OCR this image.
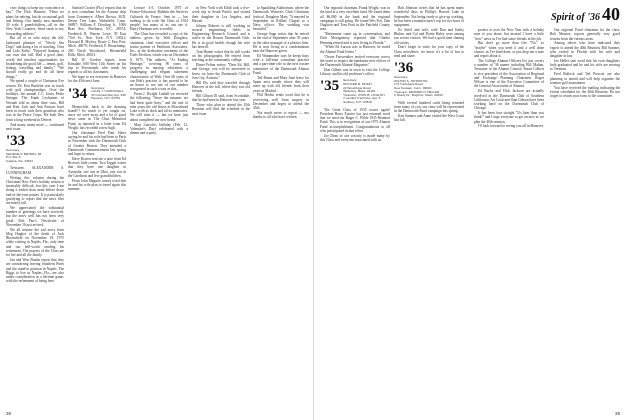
civic things to keep my conscience at bay." The Dick Hausers: "Have no plans for retiring, but do occasional golf and fishing. Our family now numbers 30 with 6 grandchildren—all in the New York Counties. Send cards to my forwarding address."

But all of us who enjoy the old-fashioned pleasure of "Newly Sea Dogs" and doing a lot of trawling. Own and Lida Kirby: "Enjoyed hunting of our own this fall. Had a good time; world feel timeless opportunities for broadening the good life — tennis, golf, fishing, travelling and family." "We should really go and do all these things."

We spend a couple of Christmas Eve season. Dr. Ken Burdette was in touch with golf championships. Over the holidays, the annual C.C. Jones Pedro Stringer. The Frank Leyburnes of Neenah told us about their sons, Bill and Kim. Jack and Ann Parsons have been in touch with their grandson who was in the Peace Corps. We both flew from a long weekend in Denver.

And many, many more — continued next issue.

'33 Secretary,
GEORGE P. BROWN, JR.
P.O. Box 5
Captiva, Fla. 33924

Treasurer, ALEXANDER S. CUNNINGHAM

Writing this column during the Christmas-New Year's holiday season is invariably difficult, but this year I am doing it earlier than usual before those end-of-the-year parties. It is particularly gratifying to report that the news files are nearly full.

We appreciated the substantial number of greetings we have received, but the news well has not been very good. Bob Parr's Newsletter of November 16 just arrived.

We all resume the sad news from Meg Hughes of the death of Jack Bloomfield on November 18, 1975 while visiting in Naples, Fla., only time and our bell-worth sending his retirement. The prayers of the Class are for her and all the family.

Jan and Won Boutin report that they are considering leaving Southern Pines and the stand-in position in Naples. The Biggs to live in Naples, Fla., are also under consideration as a lifetime game, with the refinement of being here.

Sanford Crosier (Fla.) reports that he is now consultant for the Armour ship from Commerce. Albert Brown, M.D. Desert Tree Lane, Wakefield, Conn. 06897; William F. Dowling Jr., 1006 Brae Ave., Pinehurst, N.C. 28374; Frederick R. Warren Lowe, 59 East 73rd St., New York, N.Y. 10021; Howard B. Mickey, Route 2, Paw Paw, Mich. 49079; Frederick P. Beauchamp, 200 North Woodward, Bloomfield Hills, Mich. 48013.

Bill W. Gordon reports from Kinsdale, 600 West 11th Street on his trip to Portsmouth, who sends his regards to all his classmates.

We hope to see everyone in Hanover for the 45th next June.

'34 Secretary,
LOUIS J. CORDOVELL
33 Colonial Way Apt. 308
Hanover, N.H. 03755

Meanwhile, back to the drawing board!!! So much is yet caught on, since we were away and a lot of good news came in. The Class Memorial Fund, as reported in a letter from Ed Wright, has recorded a new high.

Our classmate Fred Paul Slater saying he and his wife had been to Paris in November with the Dartmouth Club of Greater Boston. They attended a Dartmouth Commencement last spring and hope to return.

Dave Bowen sent me a note from Ed Brown's little corner. Two Tagget writes that they have one daughter in Australia, one son in Ohio, one son in the Carolinas and five grandchildren.

From John Maguire comes word that he and his wife plan to travel again this summer.

Lecture 4-5, October, 1975 of France-Education. Bulletin des Services Culturels de France. Sent in — has nothing to do with 'the Class of 1934 people', but many of us can use it. Harry Hartman sees it weekly.

The Class has recorded a copy of the address given by Walt Douglass, chairman, chief executive officer and senior partner of Parkhurst Associates, Inc., at the dedication ceremony of the Fales Pavilion, which was on December 8, 1975. The address, "At Ending Heritage," covering 90 years of progress in nursing education, a challenging and elegant statement characteristic of Walt. Over 60 years of our Bob's practice, it has proved to be an honor to see one of our number recognized in such a way as this.

From J. Dwight Lindall we received the following: "Since the summer, we had been quite busy," and the end of nine years the old house at Moosehead Lake with its dock and all its memories. We will miss it — but we have just about completed our new home.

Marj Lincoln's birthday (Feb. 12, Valentine's Day) celebrated with a dinner and a party.

in New York with Edith took a five-week trip to South Pacific and visited their daughter in Los Angeles, and Hawaii.

Johnny Roberts is still working in several engineering fields in Engineering Research Council and is active in the Boston Dartmouth Club. He is in good health, though his wife has been ill.

Tom Hunter writes that he still works on his photography. He retired from teaching at the community college.

Elmer Felton writes: "Dear Ed, Bill, and George, you will be interested to know we have the Dartmouth Club of Sun City, Arizona."

Bill Ely said they traveled through Hanover in the fall, where they saw old friends.

Bill Gibson Ill said, from Scottsdale, that he had been in Hanover last year.

Those who plan to attend the 45th Reunion will find the schedule in the next issue.

to Spaulding Auditorium, where the Dartmouth Women's Club Christmas festival. Daughter Mary "It married in September in Rollins Chapel to a Navy officer. The wedding was beautiful."

George Sapp writes that he retired in the end of September after 35 years as the sales manager of a plastics firm. He is now living in a condominium near the Hanover green.

Ed Wanamaker says he keeps busy with a full-time consultant practice and a part-time role in the new trustee committee of the Dartmouth Alumni Fund.

Ted Braun and Mary Jane leave for Spain next month where they will meet up with old friends from their years in Madrid.

Phil Herbst sends word that he is recovering well from surgery in December and hopes to attend the 45th.

Not much more to report — my thanks to all who have written.

38
Spirit of '36 40

Our regional chairman, Frank Wright, was in the fund at a very excellent fund. He found them all $6,000 in the bank and the regional campaign is still going. He found Wes Fox, Dan Oughton and Tom Pratt in the Fairfield County area.

"Retirement came up in conversation, and Dick Montgomery reported that Charlie Henning retired and is now living in Florida."

"When Ed Larson was in Hanover, he noted the Alumni Fund letters."

"Orson Fairweather invited everyone across the street to inspect the handsome new offices of the Dartmouth Alumni Magazine."

Don Gilbert was in town to visit the College Library, and his old professor's office.

'35 Secretary,
RICHARD B. MUZZY
22 Woodridge Road
Wellesley, Mass. 02181
Treasurer, JOHN B. LOVEJOY
7 Landed Trail Drive, Apt. 5
Sudbury, N.H. 03818

The Great Class of 1935 scores again! President Harry Eustice has just returned word that we need our Ruger C. Wilde 1935 Reunion Fund. This is in recognition of our 1975 Alumni Fund accomplishment. Congratulations to all who participated in that effort.

Joe Dean of our sorority is made many by this Class and everyone associated with us.

Bob Johnson writes that he has spent many wonderful days in Phillip's Honore Lake in September. Not being ready to give up working, he has been a manufacturer's rep for two lines of equipment.

Ev Stifel and wife, with Dan and Kathy Bluhm, and Cal and Dottie Haley were among our recent visitors. We had a good time sharing old stories.

Don't forget to write for your copy of the Class newsletter; we know it's a lot of fun to read and share.

'36 Secretary,
WILTON S. JOHNSTON
174 Turtleback Road
New Canaan, Conn. 06840
Treasurer, EDWARD N. HELLER
3 Shady Dr., Brighton, Mass. 02043

With several hundred cards being returned from many of you, our class will be represented in the Dartmouth Fund campaign this spring.

Ken Sumner and Anne visited the West Coast last fall.

protest or over the New Year with a holiday note to you alone, but instead I have a little "new" news as I've had some friends in the job.

But don't go more than five "No," so "maybe" when you need it and a well done chance, as I've kind done, or just drop me a note and report about it.

The College Alumni Officers list just covers a number of '36 names including Bill Mahan, Treasurer of the Alumni Council. Stuart Colbert is vice president of the Association of Regional and Exchange Planning Chairmen. Roger Wilson is one of the Executive Committee of the General Association of Alumni.

Ed Bucks and Dick Jackson are actually involved in the Dartmouth Club of Southern California. Art Cook and Stan Gibson have been working hard on the Dartmouth Club of Chicago.

It has been four straight "It's later than you think!" and I urge everyone to get on now as we plan the 40th reunion.

I'll look forward to seeing you all in Hanover.

Our regional Fund chairman for the class, Bob Munroe, reports generally very good returns from the various areas.

Among others who have indicated they expect to attend the 40th Reunion, Bill Sumner, who visited in Florida with his wife and daughter in law.

Joe Heller sent word that his twin daughters both graduated and he and his wife are moving to Vermont.

Fred Bullock and Ted Prescott are also planning to attend and will help organize the reunion golf tournament.

You have received the mailing indicating the events scheduled for the 40th Reunion. Do not forget to return your form to the committee.

39
